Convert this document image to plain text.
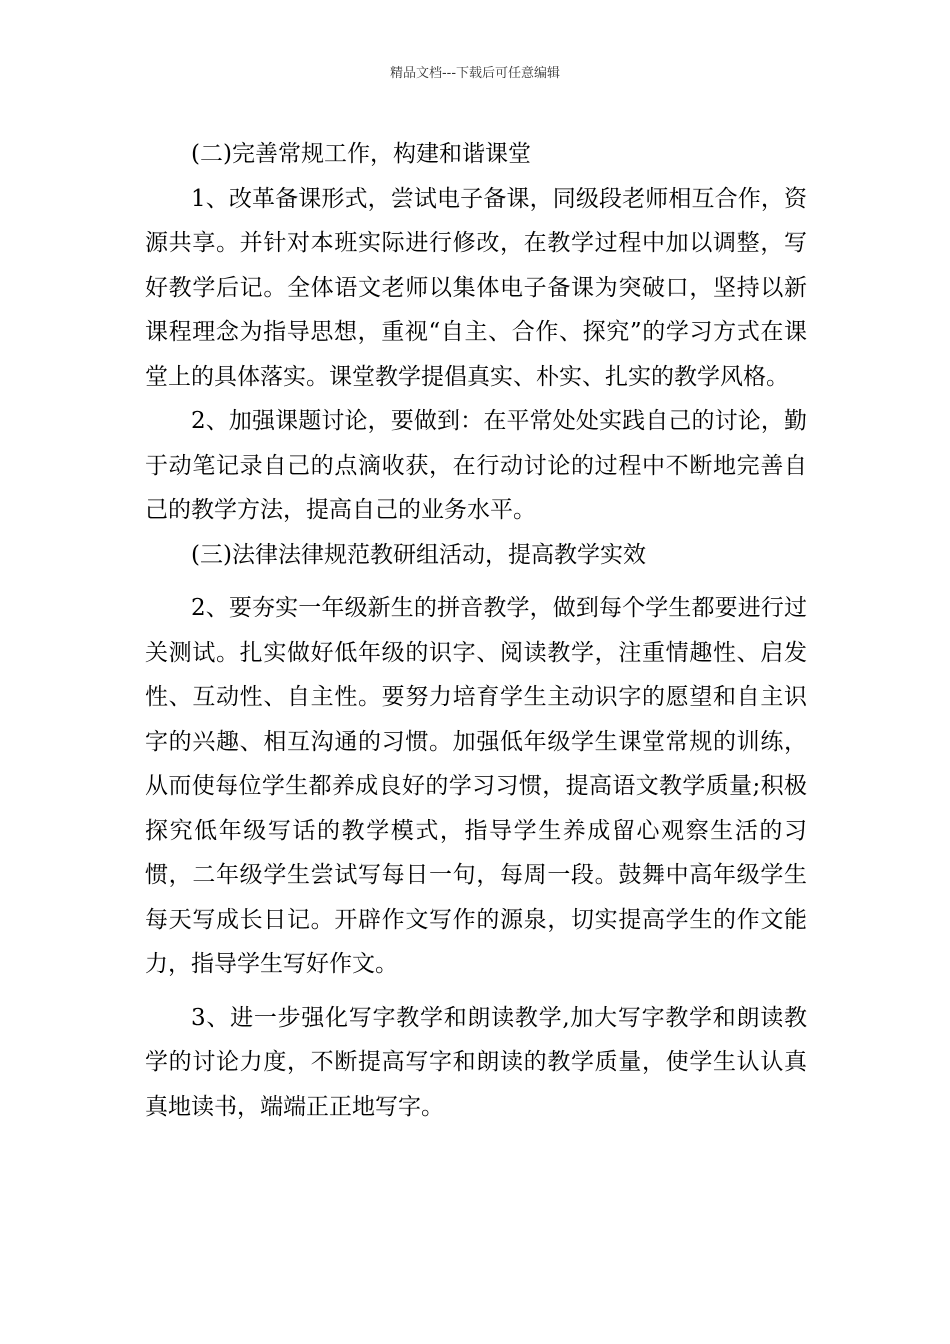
精品文档---下载后可任意编辑

(二)完善常规工作，构建和谐课堂

1、改革备课形式，尝试电子备课，同级段老师相互合作，资源共享。并针对本班实际进行修改，在教学过程中加以调整，写好教学后记。全体语文老师以集体电子备课为突破口，坚持以新课程理念为指导思想，重视“自主、合作、探究”的学习方式在课堂上的具体落实。课堂教学提倡真实、朴实、扎实的教学风格。

2、加强课题讨论，要做到：在平常处处实践自己的讨论，勤于动笔记录自己的点滴收获，在行动讨论的过程中不断地完善自己的教学方法，提高自己的业务水平。

(三)法律法律规范教研组活动，提高教学实效

2、要夯实一年级新生的拼音教学，做到每个学生都要进行过关测试。扎实做好低年级的识字、阅读教学，注重情趣性、启发性、互动性、自主性。要努力培育学生主动识字的愿望和自主识字的兴趣、相互沟通的习惯。加强低年级学生课堂常规的训练，从而使每位学生都养成良好的学习习惯，提高语文教学质量;积极探究低年级写话的教学模式，指导学生养成留心观察生活的习惯，二年级学生尝试写每日一句，每周一段。鼓舞中高年级学生每天写成长日记。开辟作文写作的源泉，切实提高学生的作文能力，指导学生写好作文。

3、进一步强化写字教学和朗读教学,加大写字教学和朗读教学的讨论力度，不断提高写字和朗读的教学质量，使学生认认真真地读书，端端正正地写字。
